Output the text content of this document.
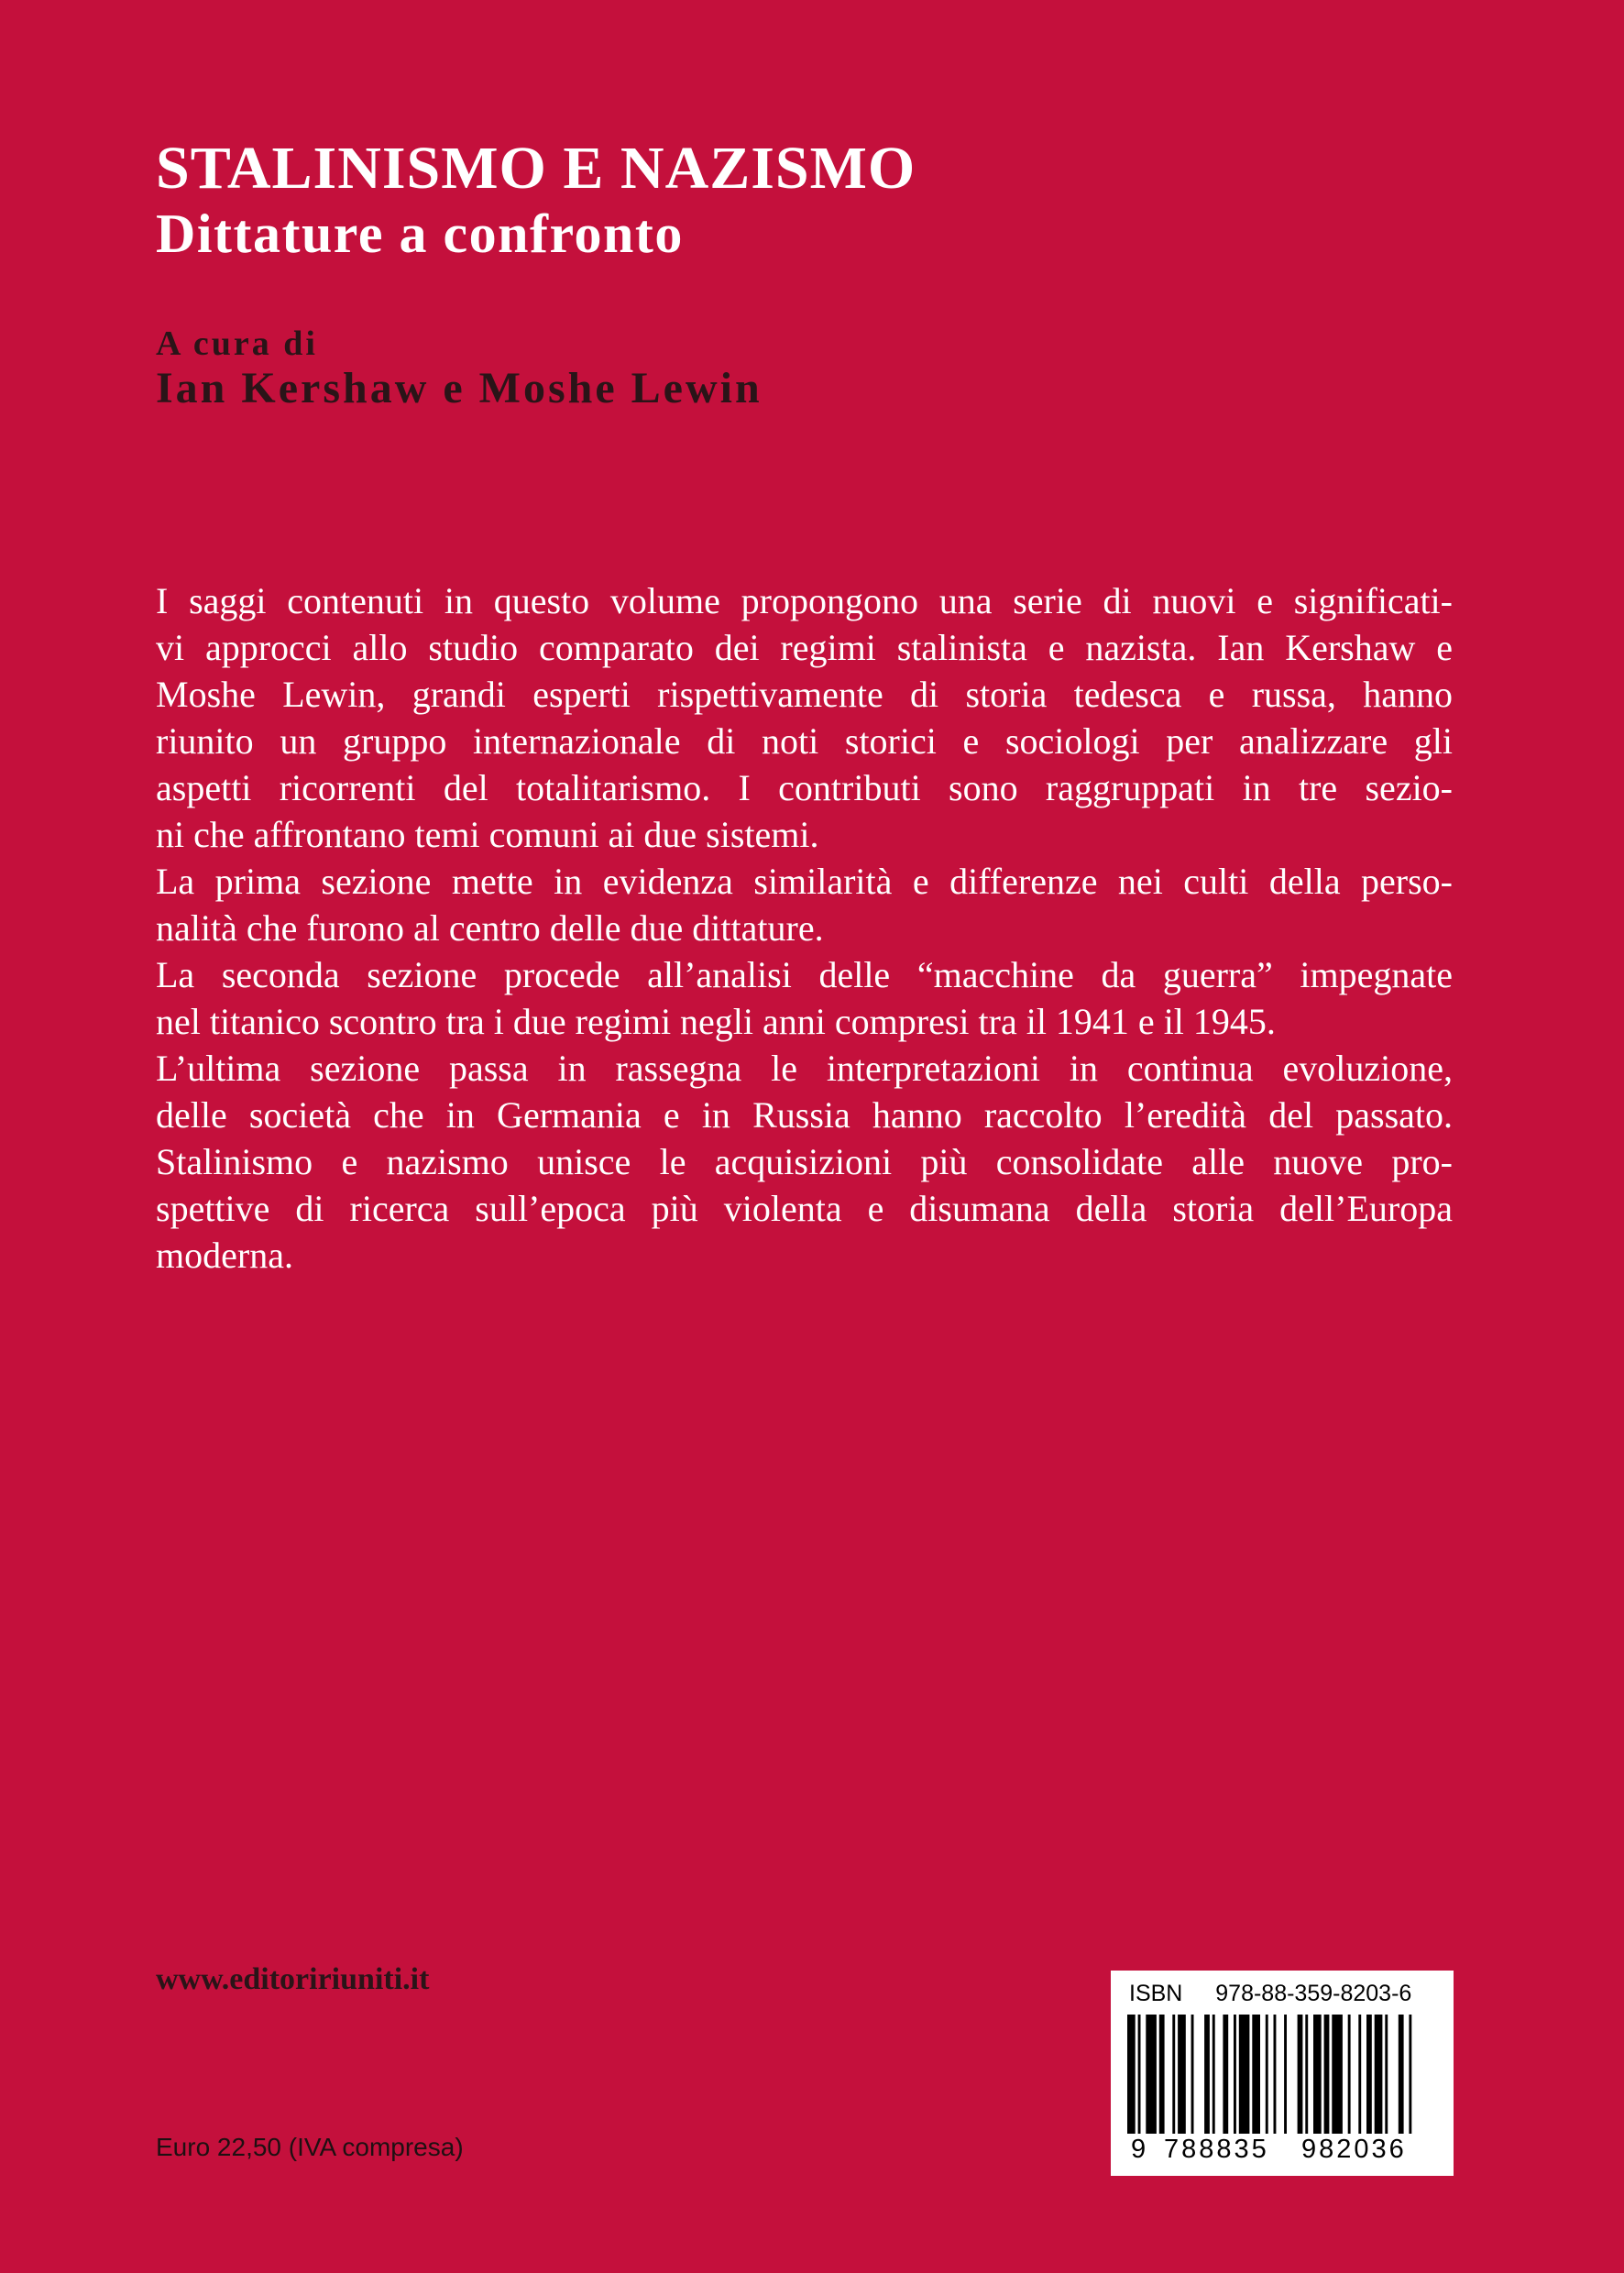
STALINISMO E NAZISMO
Dittature a confronto
A cura di
Ian Kershaw e Moshe Lewin
I saggi contenuti in questo volume propongono una serie di nuovi e significati-
vi approcci allo studio comparato dei regimi stalinista e nazista. Ian Kershaw e
Moshe Lewin, grandi esperti rispettivamente di storia tedesca e russa, hanno
riunito un gruppo internazionale di noti storici e sociologi per analizzare gli
aspetti ricorrenti del totalitarismo. I contributi sono raggruppati in tre sezio-
ni che affrontano temi comuni ai due sistemi.
La prima sezione mette in evidenza similarità e differenze nei culti della perso-
nalità che furono al centro delle due dittature.
La seconda sezione procede all’analisi delle “macchine da guerra” impegnate
nel titanico scontro tra i due regimi negli anni compresi tra il 1941 e il 1945.
L’ultima sezione passa in rassegna le interpretazioni in continua evoluzione,
delle società che in Germania e in Russia hanno raccolto l’eredità del passato.
Stalinismo e nazismo unisce le acquisizioni più consolidate alle nuove pro-
spettive di ricerca sull’epoca più violenta e disumana della storia dell’Europa
moderna.
www.editoririuniti.it
Euro 22,50 (IVA compresa)
ISBN 978-88-359-8203-6
9 788835 982036
